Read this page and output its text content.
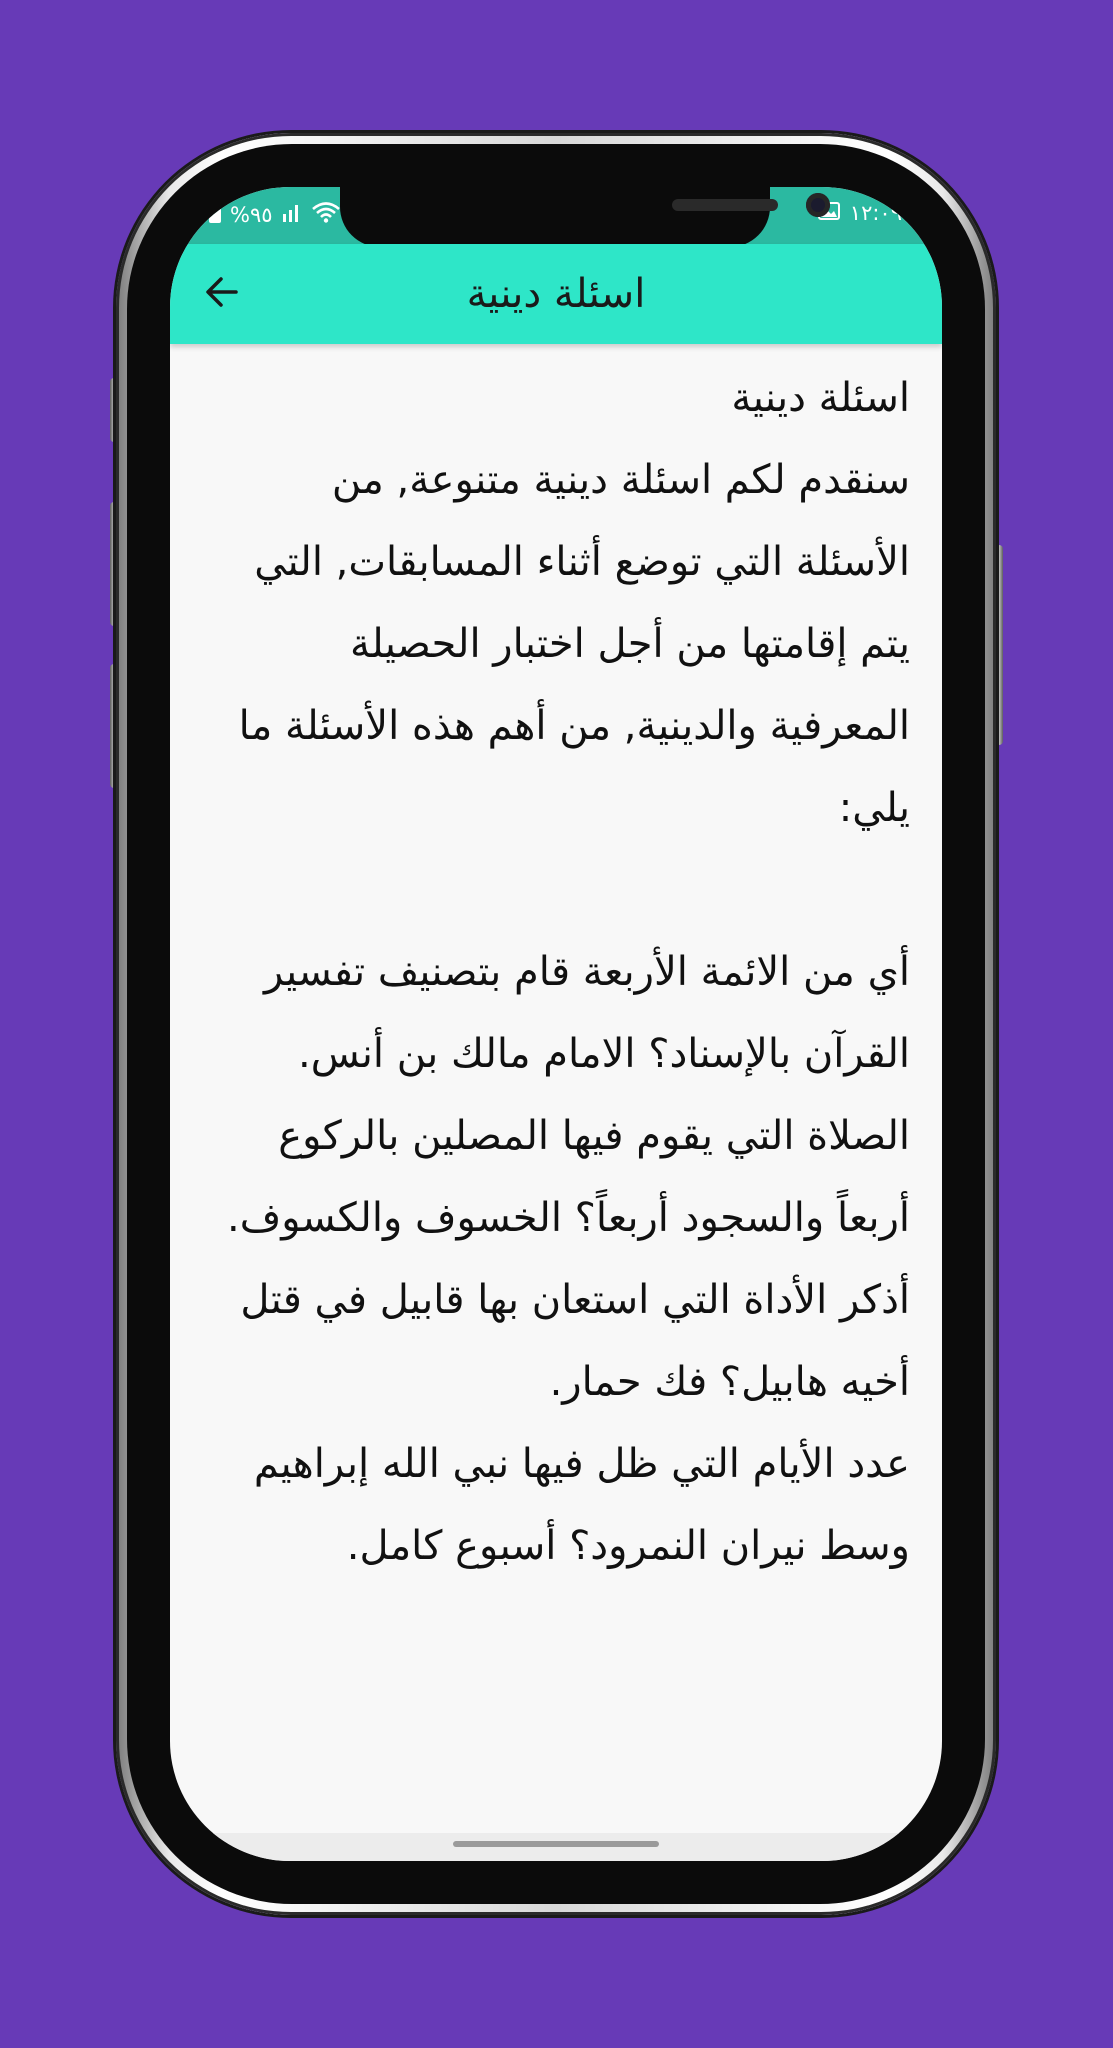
%٩٥	١٢:٠٩
اسئلة دينية

اسئلة دينية

سنقدم لكم اسئلة دينية متنوعة, من الأسئلة التي توضع أثناء المسابقات, التي يتم إقامتها من أجل اختبار الحصيلة المعرفية والدينية, من أهم هذه الأسئلة ما يلي:

أي من الائمة الأربعة قام بتصنيف تفسير القرآن بالإسناد؟ الامام مالك بن أنس.

الصلاة التي يقوم فيها المصلين بالركوع أربعاً والسجود أربعاً؟ الخسوف والكسوف.

أذكر الأداة التي استعان بها قابيل في قتل أخيه هابيل؟ فك حمار.

عدد الأيام التي ظل فيها نبي الله إبراهيم وسط نيران النمرود؟ أسبوع كامل.
